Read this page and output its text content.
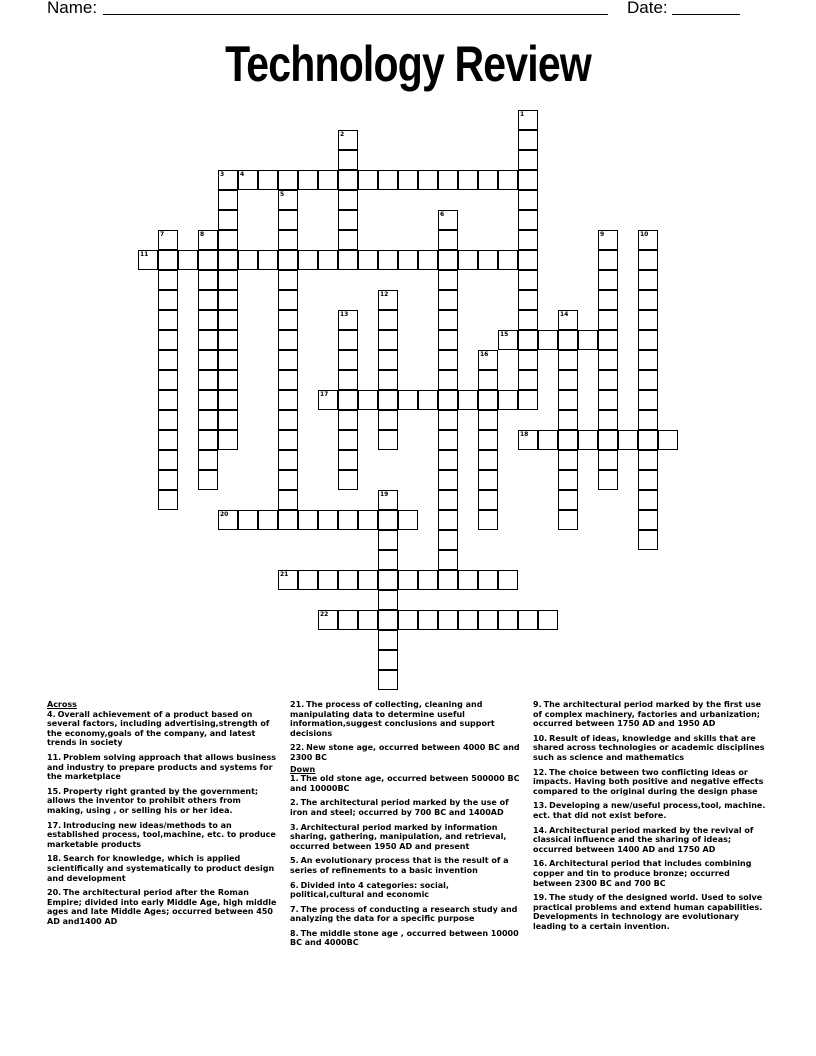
Name:	Date:
Technology Review
4
11
15
17
18
20
21
22
1
2
3
5
6
7	8	9	10
12
13	14
16
19
Across
4. Overall achievement of a product based on several factors, including advertising,strength of the economy,goals of the company, and latest trends in society
11. Problem solving approach that allows business and industry to prepare products and systems for the marketplace
15. Property right granted by the government; allows the inventor to prohibit others from making, using , or selling his or her idea.
17. Introducing new ideas/methods to an established process, tool,machine, etc. to produce marketable products
18. Search for knowledge, which is applied scientifically and systematically to product design and development
20. The architectural period after the Roman Empire; divided into early Middle Age, high middle ages and late Middle Ages; occurred between 450 AD and1400 AD
21. The process of collecting, cleaning and manipulating data to determine useful information,suggest conclusions and support decisions
22. New stone age, occurred between 4000 BC and 2300 BC
Down
1. The old stone age, occurred between 500000 BC and 10000BC
2. The architectural period marked by the use of iron and steel; occurred by 700 BC and 1400AD
3. Architectural period marked by information sharing, gathering, manipulation, and retrieval, occurred between 1950 AD and present
5. An evolutionary process that is the result of a series of refinements to a basic invention
6. Divided into 4 categories: social, political,cultural and economic
7. The process of conducting a research study and analyzing the data for a specific purpose
8. The middle stone age , occurred between 10000 BC and 4000BC
9. The architectural period marked by the first use of complex machinery, factories and urbanization; occurred between 1750 AD and 1950 AD
10. Result of ideas, knowledge and skills that are shared across technologies or academic disciplines such as science and mathematics
12. The choice between two conflicting ideas or impacts. Having both positive and negative effects compared to the original during the design phase
13. Developing a new/useful process,tool, machine. ect. that did not exist before.
14. Architectural period marked by the revival of classical influence and the sharing of ideas; occurred between 1400 AD and 1750 AD
16. Architectural period that includes combining copper and tin to produce bronze; occurred between 2300 BC and 700 BC
19. The study of the designed world. Used to solve practical problems and extend human capabilities. Developments in technology are evolutionary leading to a certain invention.
